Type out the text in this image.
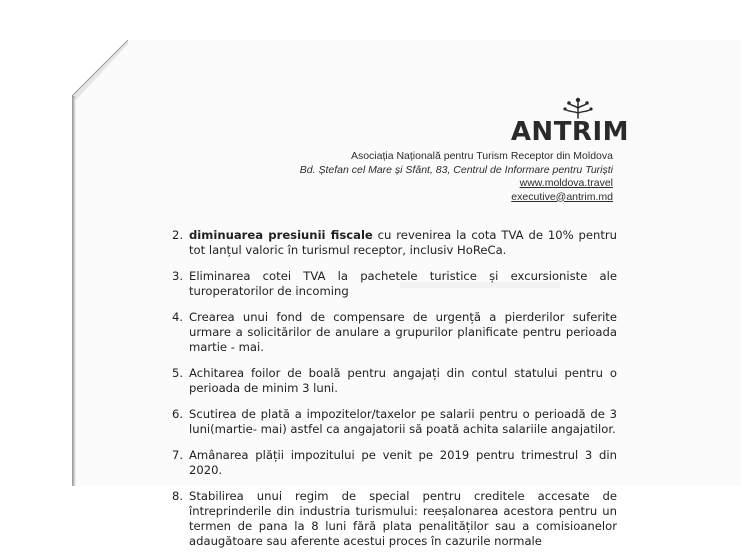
ANTRIM
Asociația Națională pentru Turism Receptor din Moldova
Bd. Ștefan cel Mare și Sfânt, 83, Centrul de Informare pentru Turiști
www.moldova.travel
executive@antrim.md
2. diminuarea presiunii fiscale cu revenirea la cota TVA de 10% pentru tot lanțul valoric în turismul receptor, inclusiv HoReCa.
3. Eliminarea cotei TVA la pachetele turistice și excursioniste ale turoperatorilor de incoming
4. Crearea unui fond de compensare de urgență a pierderilor suferite urmare a solicitărilor de anulare a grupurilor planificate pentru perioada martie - mai.
5. Achitarea foilor de boală pentru angajați din contul statului pentru o perioada de minim 3 luni.
6. Scutirea de plată a impozitelor/taxelor pe salarii pentru o perioadă de 3 luni(martie- mai) astfel ca angajatorii să poată achita salariile angajatilor.
7. Amânarea plății impozitului pe venit pe 2019 pentru trimestrul 3 din 2020.
8. Stabilirea unui regim de special pentru creditele accesate de întreprinderile din industria turismului: reeșalonarea acestora pentru un termen de pana la 8 luni fără plata penalităților sau a comisioanelor adaugătoare sau aferente acestui proces în cazurile normale
